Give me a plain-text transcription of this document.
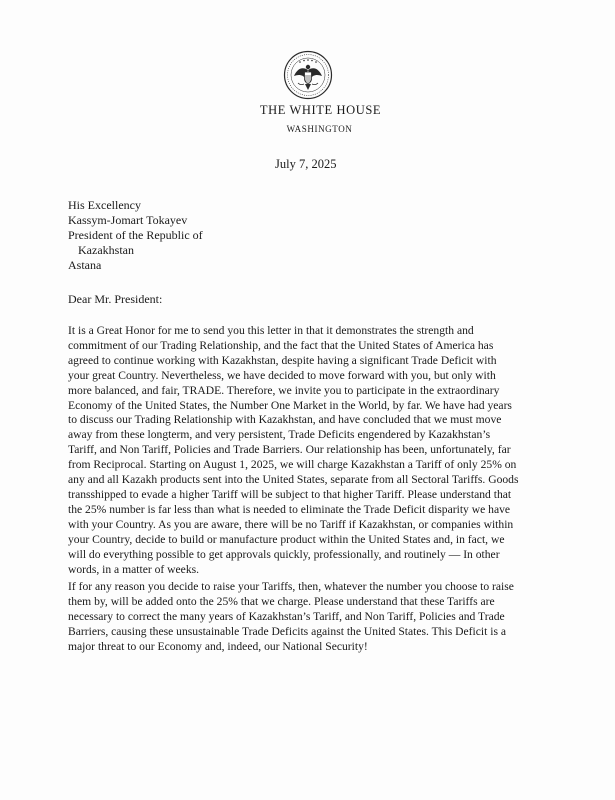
THE WHITE HOUSE
WASHINGTON
July 7, 2025
His Excellency
Kassym-Jomart Tokayev
President of the Republic of
Kazakhstan
Astana
Dear Mr. President:
It is a Great Honor for me to send you this letter in that it demonstrates the strength and
commitment of our Trading Relationship, and the fact that the United States of America has
agreed to continue working with Kazakhstan, despite having a significant Trade Deficit with
your great Country. Nevertheless, we have decided to move forward with you, but only with
more balanced, and fair, TRADE. Therefore, we invite you to participate in the extraordinary
Economy of the United States, the Number One Market in the World, by far. We have had years
to discuss our Trading Relationship with Kazakhstan, and have concluded that we must move
away from these longterm, and very persistent, Trade Deficits engendered by Kazakhstan’s
Tariff, and Non Tariff, Policies and Trade Barriers. Our relationship has been, unfortunately, far
from Reciprocal. Starting on August 1, 2025, we will charge Kazakhstan a Tariff of only 25% on
any and all Kazakh products sent into the United States, separate from all Sectoral Tariffs. Goods
transshipped to evade a higher Tariff will be subject to that higher Tariff. Please understand that
the 25% number is far less than what is needed to eliminate the Trade Deficit disparity we have
with your Country. As you are aware, there will be no Tariff if Kazakhstan, or companies within
your Country, decide to build or manufacture product within the United States and, in fact, we
will do everything possible to get approvals quickly, professionally, and routinely — In other
words, in a matter of weeks.
If for any reason you decide to raise your Tariffs, then, whatever the number you choose to raise
them by, will be added onto the 25% that we charge. Please understand that these Tariffs are
necessary to correct the many years of Kazakhstan’s Tariff, and Non Tariff, Policies and Trade
Barriers, causing these unsustainable Trade Deficits against the United States. This Deficit is a
major threat to our Economy and, indeed, our National Security!
